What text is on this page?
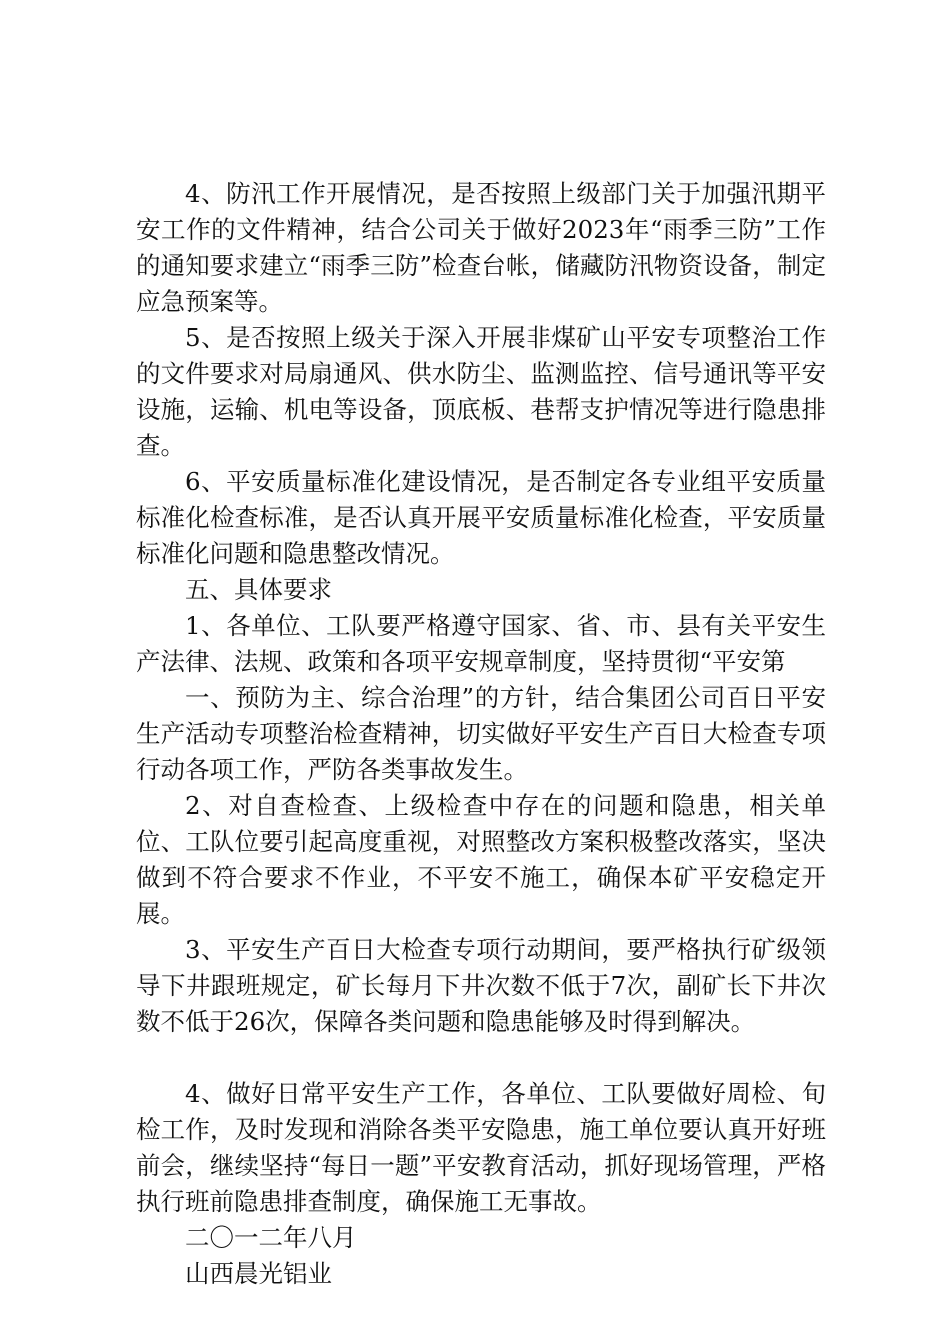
4、防汛工作开展情况，是否按照上级部门关于加强汛期平安工作的文件精神，结合公司关于做好2023年“雨季三防”工作的通知要求建立“雨季三防”检查台帐，储藏防汛物资设备，制定应急预案等。

5、是否按照上级关于深入开展非煤矿山平安专项整治工作的文件要求对局扇通风、供水防尘、监测监控、信号通讯等平安设施，运输、机电等设备，顶底板、巷帮支护情况等进行隐患排查。

6、平安质量标准化建设情况，是否制定各专业组平安质量标准化检查标准，是否认真开展平安质量标准化检查，平安质量标准化问题和隐患整改情况。

五、具体要求

1、各单位、工队要严格遵守国家、省、市、县有关平安生产法律、法规、政策和各项平安规章制度，坚持贯彻“平安第

一、预防为主、综合治理”的方针，结合集团公司百日平安生产活动专项整治检查精神，切实做好平安生产百日大检查专项行动各项工作，严防各类事故发生。

2、对自查检查、上级检查中存在的问题和隐患，相关单位、工队位要引起高度重视，对照整改方案积极整改落实，坚决做到不符合要求不作业，不平安不施工，确保本矿平安稳定开展。

3、平安生产百日大检查专项行动期间，要严格执行矿级领导下井跟班规定，矿长每月下井次数不低于7次，副矿长下井次数不低于26次，保障各类问题和隐患能够及时得到解决。

4、做好日常平安生产工作，各单位、工队要做好周检、旬检工作，及时发现和消除各类平安隐患，施工单位要认真开好班前会，继续坚持“每日一题”平安教育活动，抓好现场管理，严格执行班前隐患排查制度，确保施工无事故。

二〇一二年八月

山西晨光铝业
